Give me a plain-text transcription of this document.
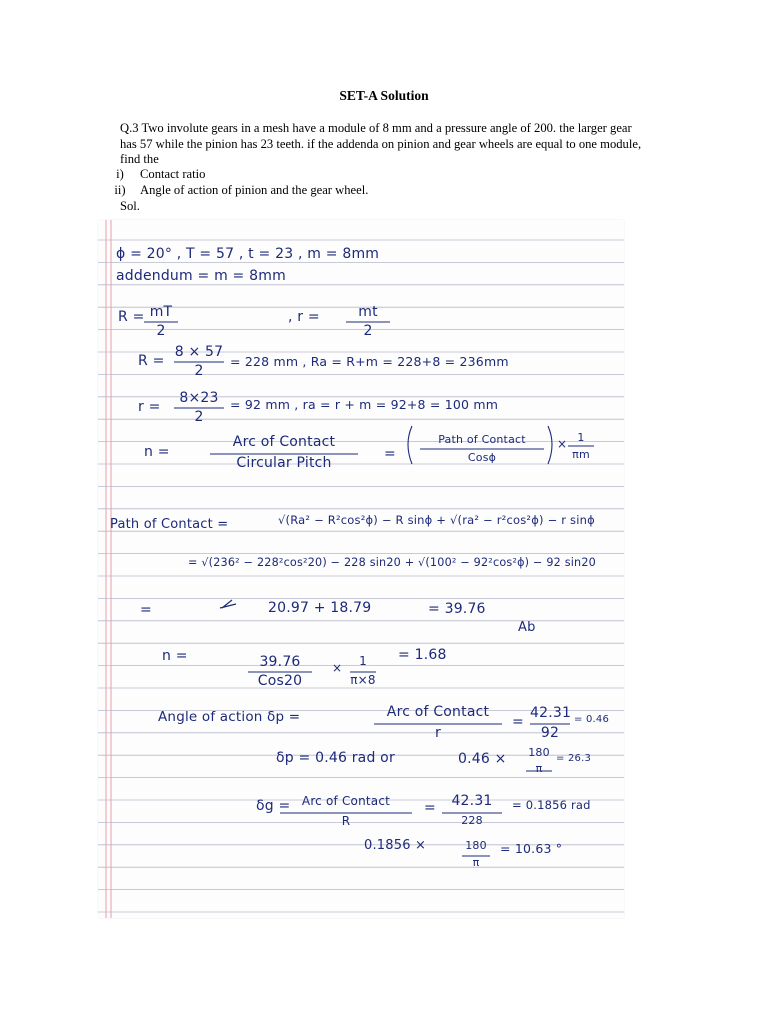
SET-A Solution
Q.3 Two involute gears in a mesh have a module of 8 mm and a pressure angle of 200. the larger gear has 57 while the pinion has 23 teeth. if the addenda on pinion and gear wheels are equal to one module, find the
i)	Contact ratio
ii)	Angle of action of pinion and the gear wheel.
Sol.
ϕ = 20° , T = 57 , t = 23 , m = 8mm
addendum = m = 8mm
R = mT
2
, r =	mt
2
R =
8 × 57
2
= 228 mm , Ra = R+m = 228+8 = 236mm
r =
8×23
2
= 92 mm , ra = r + m = 92+8 = 100 mm
n =
Arc of Contact
Circular Pitch
=
Path of Contact
Cosϕ
× 1
πm
Path of Contact =	√(Ra² − R²cos²ϕ) − R sinϕ + √(ra² − r²cos²ϕ) − r sinϕ
= √(236² − 228²cos²20) − 228 sin20 + √(100² − 92²cos²ϕ) − 92 sin20
=	20.97 + 18.79	= 39.76
Ab
n =	39.76
Cos20
×	1
π×8
= 1.68
Angle of action δp =	Arc of Contact
r
=
42.31
92
= 0.46
δp = 0.46 rad or	0.46 × 180
π
= 26.3
δg = Arc of Contact
R
=	42.31
228
= 0.1856 rad
0.1856 ×	180
π
= 10.63 °
